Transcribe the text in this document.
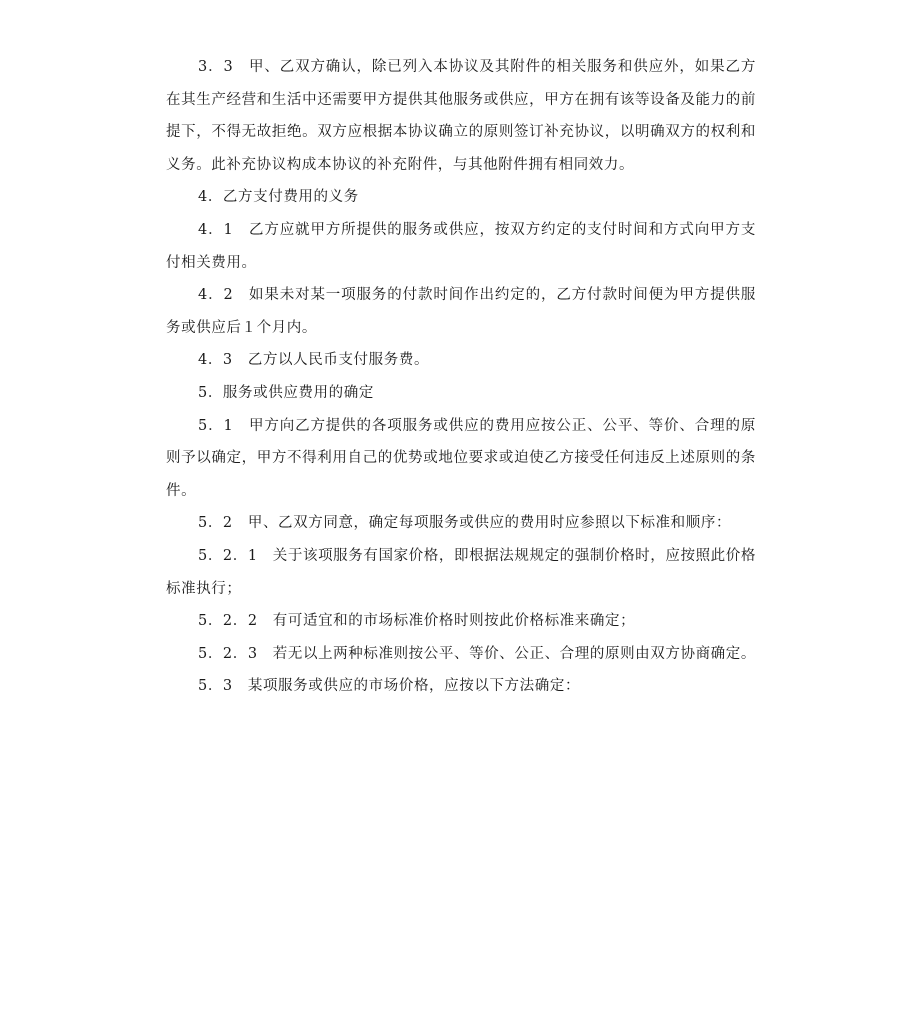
3．3　甲、乙双方确认，除已列入本协议及其附件的相关服务和供应外，如果乙方在其生产经营和生活中还需要甲方提供其他服务或供应，甲方在拥有该等设备及能力的前提下，不得无故拒绝。双方应根据本协议确立的原则签订补充协议，以明确双方的权利和义务。此补充协议构成本协议的补充附件，与其他附件拥有相同效力。

4．乙方支付费用的义务

4．1　乙方应就甲方所提供的服务或供应，按双方约定的支付时间和方式向甲方支付相关费用。

4．2　如果未对某一项服务的付款时间作出约定的，乙方付款时间便为甲方提供服务或供应后１个月内。

4．3　乙方以人民币支付服务费。

5．服务或供应费用的确定

5．1　甲方向乙方提供的各项服务或供应的费用应按公正、公平、等价、合理的原则予以确定，甲方不得利用自己的优势或地位要求或迫使乙方接受任何违反上述原则的条件。

5．2　甲、乙双方同意，确定每项服务或供应的费用时应参照以下标准和顺序：

5．2．1　关于该项服务有国家价格，即根据法规规定的强制价格时，应按照此价格标准执行；

5．2．2　有可适宜和的市场标准价格时则按此价格标准来确定；

5．2．3　若无以上两种标准则按公平、等价、公正、合理的原则由双方协商确定。

5．3　某项服务或供应的市场价格，应按以下方法确定：
